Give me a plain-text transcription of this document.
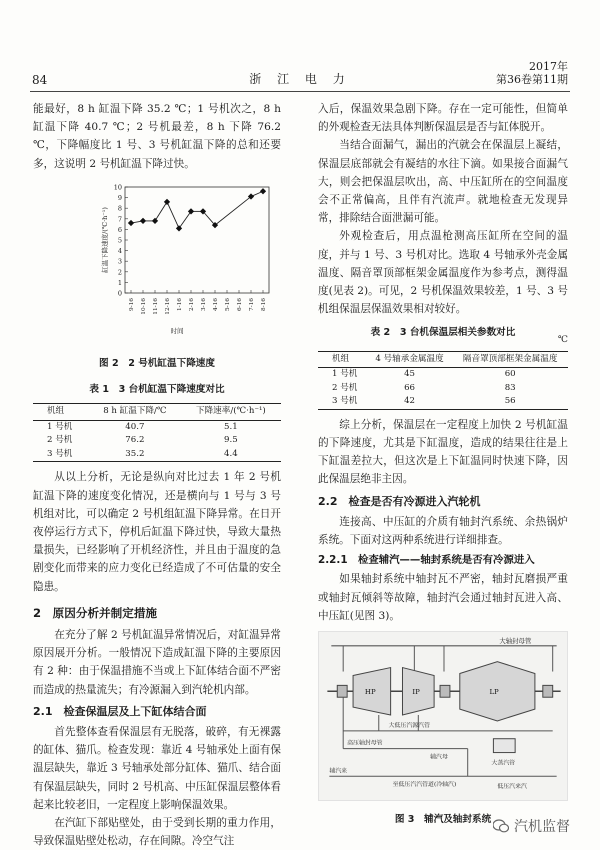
84	浙 江 电 力
2017年
第36卷第11期

能最好，8 h 缸温下降 35.2 ℃；1 号机次之，8 h 缸温下降 40.7 ℃；2 号机最差，8 h 下降 76.2 ℃，下降幅度比 1 号、3 号机缸温下降的总和还要多，这说明 2 号机缸温下降过快。

0
1
2
3
4
5
6
7
8
9
10
缸温下降速度/(℃·h⁻¹)
9-16 10-16 11-16 12-16 1-16 2-16 3-16 4-16 5-16 6-16 7-16 8-16
时间
图 2　2 号机缸温下降速度
表 1　3 台机缸温下降速度对比
机组	8 h 缸温下降/℃	下降速率/(℃·h⁻¹)
1 号机	40.7	5.1
2 号机	76.2	9.5
3 号机	35.2	4.4

从以上分析，无论是纵向对比过去 1 年 2 号机缸温下降的速度变化情况，还是横向与 1 号与 3 号机组对比，可以确定 2 号机组缸温下降异常。在日开夜停运行方式下，停机后缸温下降过快，导致大量热量损失，已经影响了开机经济性，并且由于温度的急剧变化而带来的应力变化已经造成了不可估量的安全隐患。

2　原因分析并制定措施

在充分了解 2 号机缸温异常情况后，对缸温异常原因展开分析。一般情况下造成缸温下降的主要原因有 2 种：由于保温措施不当或上下缸体结合面不严密而造成的热量流失；有冷源漏入到汽轮机内部。

2.1　检查保温层及上下缸体结合面

首先整体查看保温层有无脱落，破碎，有无裸露的缸体、猫爪。检查发现：靠近 4 号轴承处上面有保温层缺失，靠近 3 号轴承处部分缸体、猫爪、结合面有保温层缺失，同时 2 号机高、中压缸保温层整体看起来比较老旧，一定程度上影响保温效果。

在汽缸下部贴壁处，由于受到长期的重力作用，导致保温贴壁处松动，存在间隙。冷空气注

入后，保温效果急剧下降。存在一定可能性，但简单的外观检查无法具体判断保温层是否与缸体脱开。

当结合面漏气，漏出的汽就会在保温层上凝结，保温层底部就会有凝结的水往下滴。如果接合面漏气大，则会把保温层吹出，高、中压缸所在的空间温度会不正常偏高，且伴有汽流声。就地检查无发现异常，排除结合面泄漏可能。

外观检查后，用点温枪测高压缸所在空间的温度，并与 1 号、3 号机对比。选取 4 号轴承外壳金属温度、隔音罩顶部框架金属温度作为参考点，测得温度(见表 2)。可见，2 号机保温效果较差，1 号、3 号机组保温层保温效果相对较好。

表 2　3 台机保温层相关参数对比
℃
机组	4 号轴承金属温度	隔音罩顶部框架金属温度
1 号机	45	60
2 号机	66	83
3 号机	42	56

综上分析，保温层在一定程度上加快 2 号机缸温的下降速度，尤其是下缸温度，造成的结果往往是上下缸温差拉大，但这次是上下缸温同时快速下降，因此保温层绝非主因。

2.2　检查是否有冷源进入汽轮机

连接高、中压缸的介质有轴封汽系统、余热锅炉系统。下面对这两种系统进行详细排查。

2.2.1　检查辅汽——轴封系统是否有冷源进入

如果轴封系统中轴封瓦不严密，轴封瓦磨损严重或轴封瓦倾斜等故障，轴封汽会通过轴封瓦进入高、中压缸(见图 3)。

大轴封母管
HP	IP	LP
大低压汽源汽管
高压轴封母管
辅汽母
大蒸汽管
辅汽来
至低压汽汽管道(冷轴汽)	低压汽来汽
图 3　辅汽及轴封系统	汽机监督
